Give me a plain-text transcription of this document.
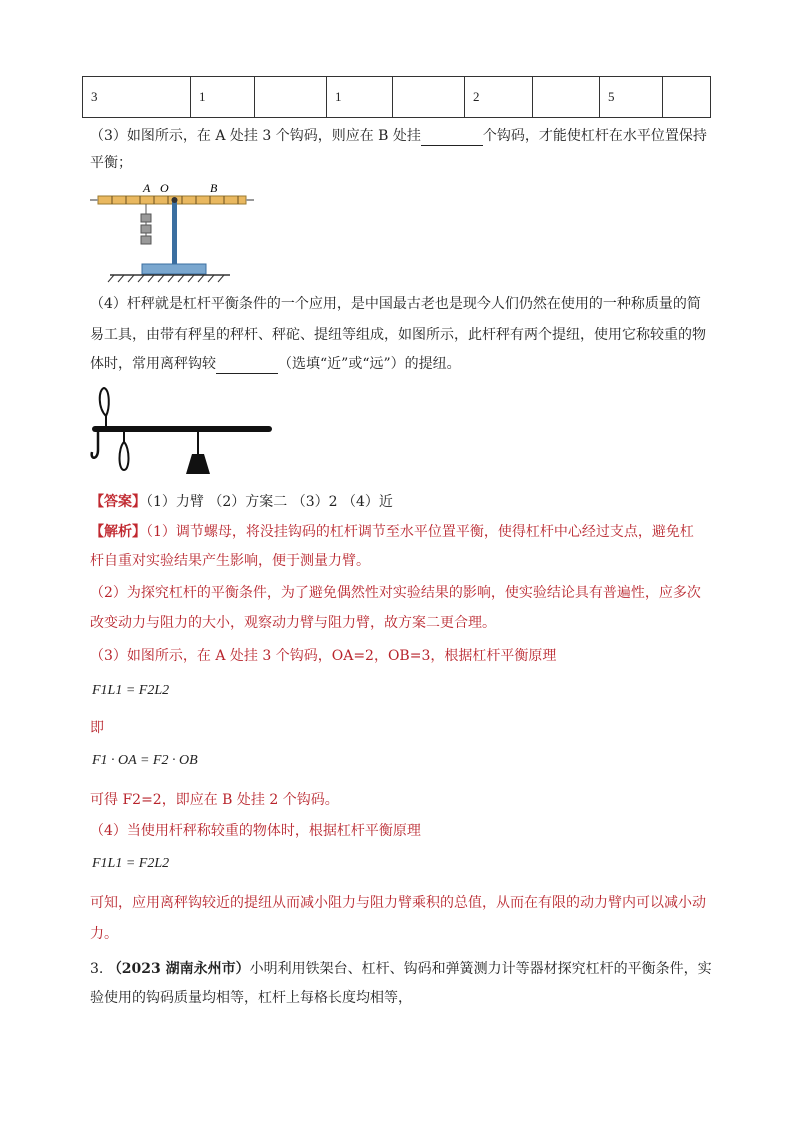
3	1		1		2		5	
（3）如图所示，在 A 处挂 3 个钩码，则应在 B 处挂	个钩码，才能使杠杆在水平位置保持
平衡；
A O	B
（4）杆秤就是杠杆平衡条件的一个应用，是中国最古老也是现今人们仍然在使用的一种称质量的简
易工具，由带有秤星的秤杆、秤砣、提纽等组成，如图所示，此杆秤有两个提纽，使用它称较重的物
体时，常用离秤钩较	（选填“近”或“远”）的提纽。
【答案】（1）力臂 （2）方案二 （3）2 （4）近
【解析】（1）调节螺母，将没挂钩码的杠杆调节至水平位置平衡，使得杠杆中心经过支点，避免杠
杆自重对实验结果产生影响，便于测量力臂。
（2）为探究杠杆的平衡条件，为了避免偶然性对实验结果的影响，使实验结论具有普遍性，应多次
改变动力与阻力的大小，观察动力臂与阻力臂，故方案二更合理。
（3）如图所示，在 A 处挂 3 个钩码，OA=2，OB=3，根据杠杆平衡原理
F1L1 = F2L2
即
F1 · OA = F2 · OB
可得 F2=2，即应在 B 处挂 2 个钩码。
（4）当使用杆秤称较重的物体时，根据杠杆平衡原理
F1L1 = F2L2
可知，应用离秤钩较近的提纽从而减小阻力与阻力臂乘积的总值，从而在有限的动力臂内可以减小动
力。
3. （2023 湖南永州市）小明利用铁架台、杠杆、钩码和弹簧测力计等器材探究杠杆的平衡条件，实
验使用的钩码质量均相等，杠杆上每格长度均相等，
